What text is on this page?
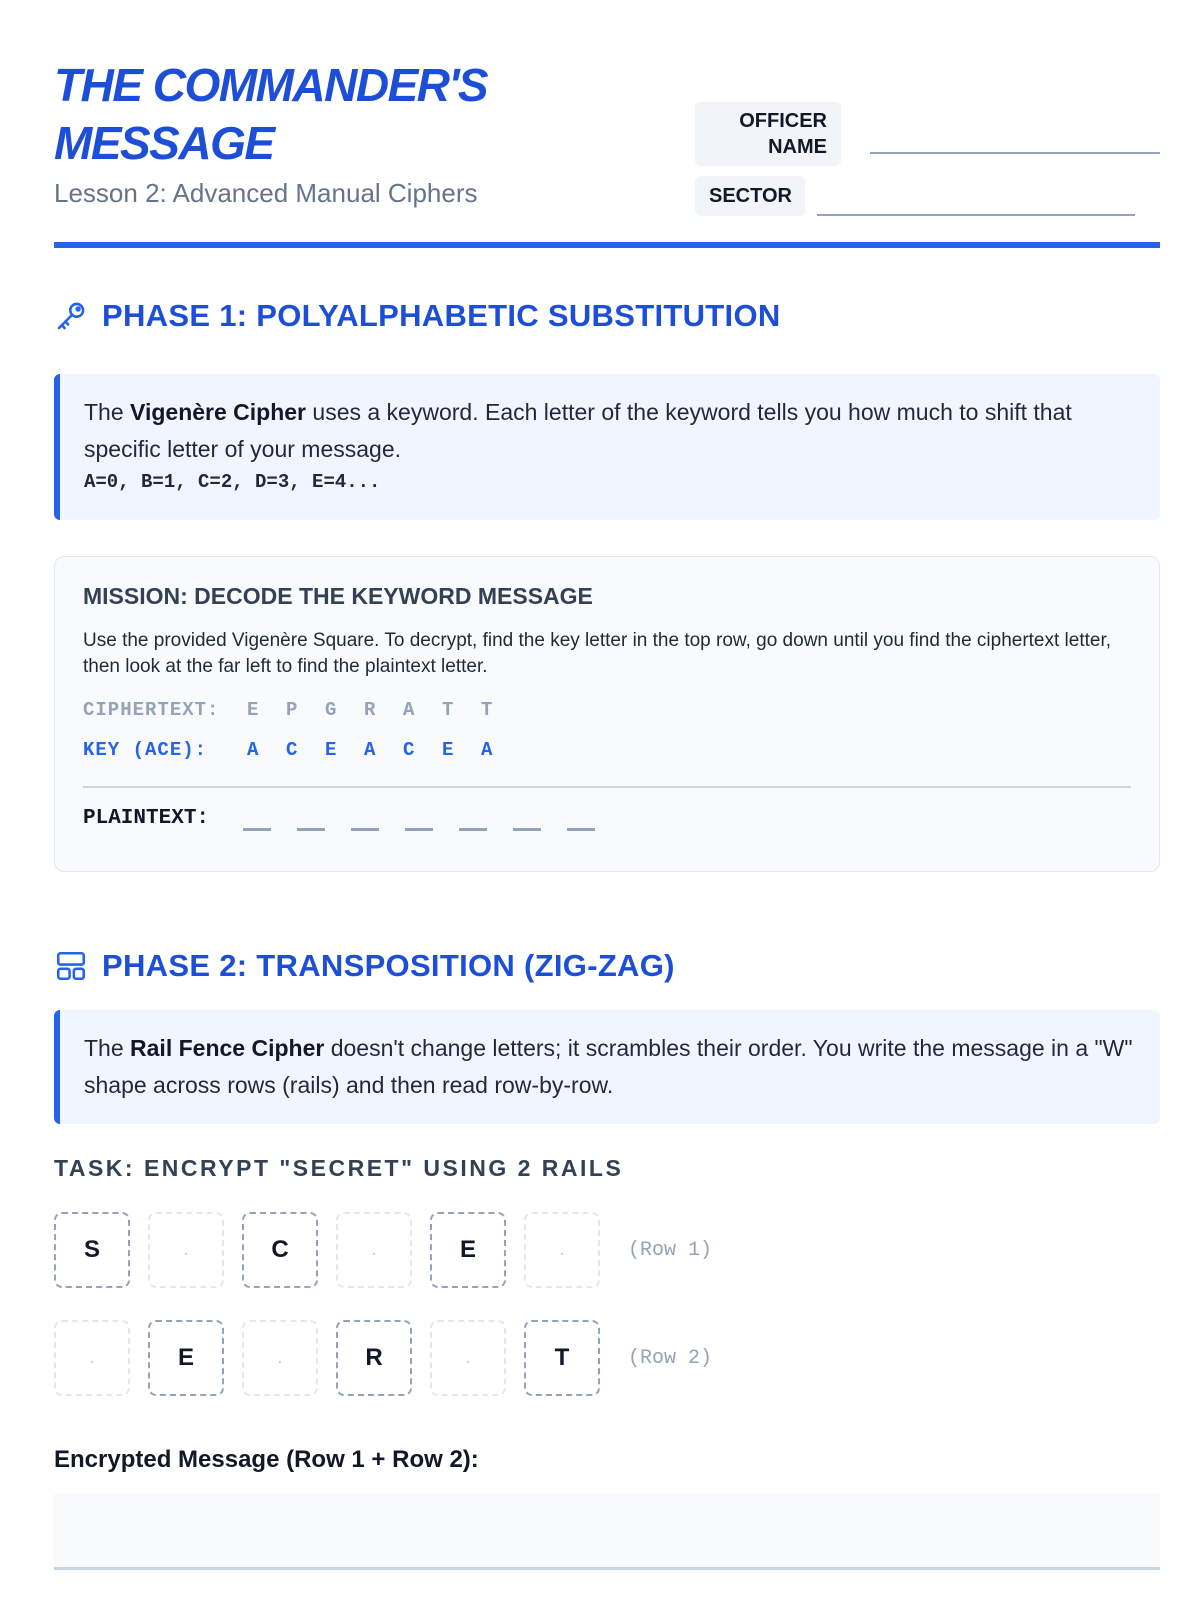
THE COMMANDER'S
MESSAGE
Lesson 2: Advanced Manual Ciphers
OFFICER
NAME
SECTOR
PHASE 1: POLYALPHABETIC SUBSTITUTION
The Vigenère Cipher uses a keyword. Each letter of the keyword tells you how much to shift that specific letter of your message.
A=0, B=1, C=2, D=3, E=4...
MISSION: DECODE THE KEYWORD MESSAGE

Use the provided Vigenère Square. To decrypt, find the key letter in the top row, go down until you find the ciphertext letter, then look at the far left to find the plaintext letter.

CIPHERTEXT:	E	P	G	R	A	T	T
KEY (ACE):	A	C	E	A	C	E	A
PLAINTEXT:
PHASE 2: TRANSPOSITION (ZIG-ZAG)
The Rail Fence Cipher doesn't change letters; it scrambles their order. You write the message in a "W" shape across rows (rails) and then read row-by-row.
TASK: ENCRYPT "SECRET" USING 2 RAILS
S	.	C	.	E	.	(Row 1)
.	E	.	R	.	T	(Row 2)
Encrypted Message (Row 1 + Row 2):
